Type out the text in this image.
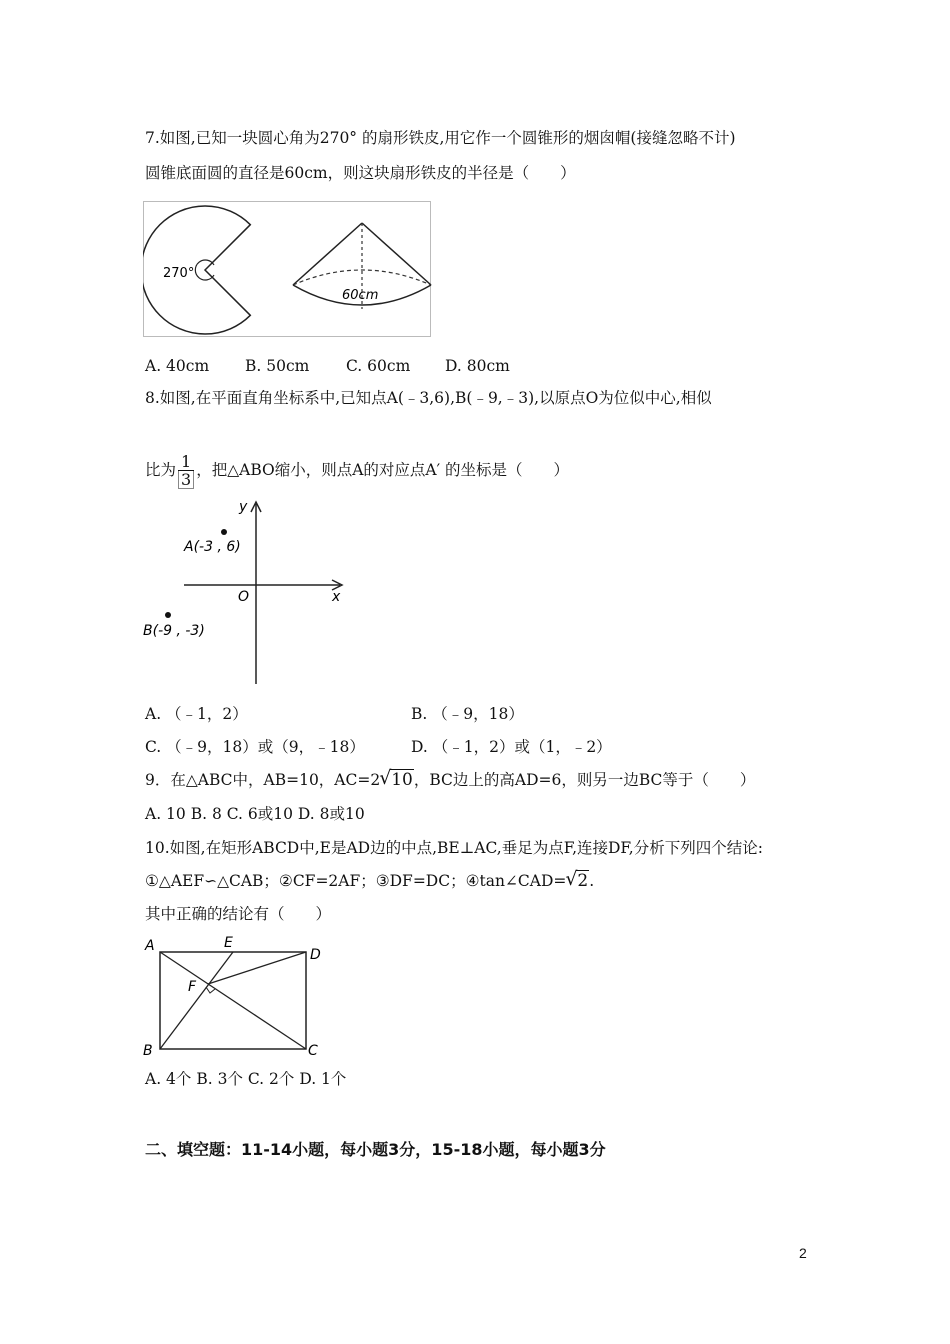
7.如图,已知一块圆心角为270° 的扇形铁皮,用它作一个圆锥形的烟囱帽(接缝忽略不计)
圆锥底面圆的直径是60cm，则这块扇形铁皮的半径是（　　）
270°
60cm
A. 40cm B. 50cm C. 60cm D. 80cm
8.如图,在平面直角坐标系中,已知点A(﹣3,6),B(﹣9,﹣3),以原点O为位似中心,相似
比为 $\frac{1}{3}$ ，把△ABO缩小，则点A的对应点A′ 的坐标是（　　）
y
x
O
A(-3 , 6)
B(-9 , -3)
A. （﹣1，2）	B. （﹣9，18）
C. （﹣9，18）或（9，﹣18）	D. （﹣1，2）或（1，﹣2）
9．在△ABC中，AB=10，AC=2 √ 10，BC边上的高AD=6，则另一边BC等于（　　）
A. 10 B. 8 C. 6或10 D. 8或10
10.如图,在矩形ABCD中,E是AD边的中点,BE⊥AC,垂足为点F,连接DF,分析下列四个结论:
①△AEF∽△CAB；②CF=2AF；③DF=DC；④tan∠CAD= √ 2.
其中正确的结论有（　　）
A
B	C
D
E
F
A. 4个 B. 3个 C. 2个 D. 1个
二、填空题：11-14小题，每小题3分，15-18小题，每小题3分
2
